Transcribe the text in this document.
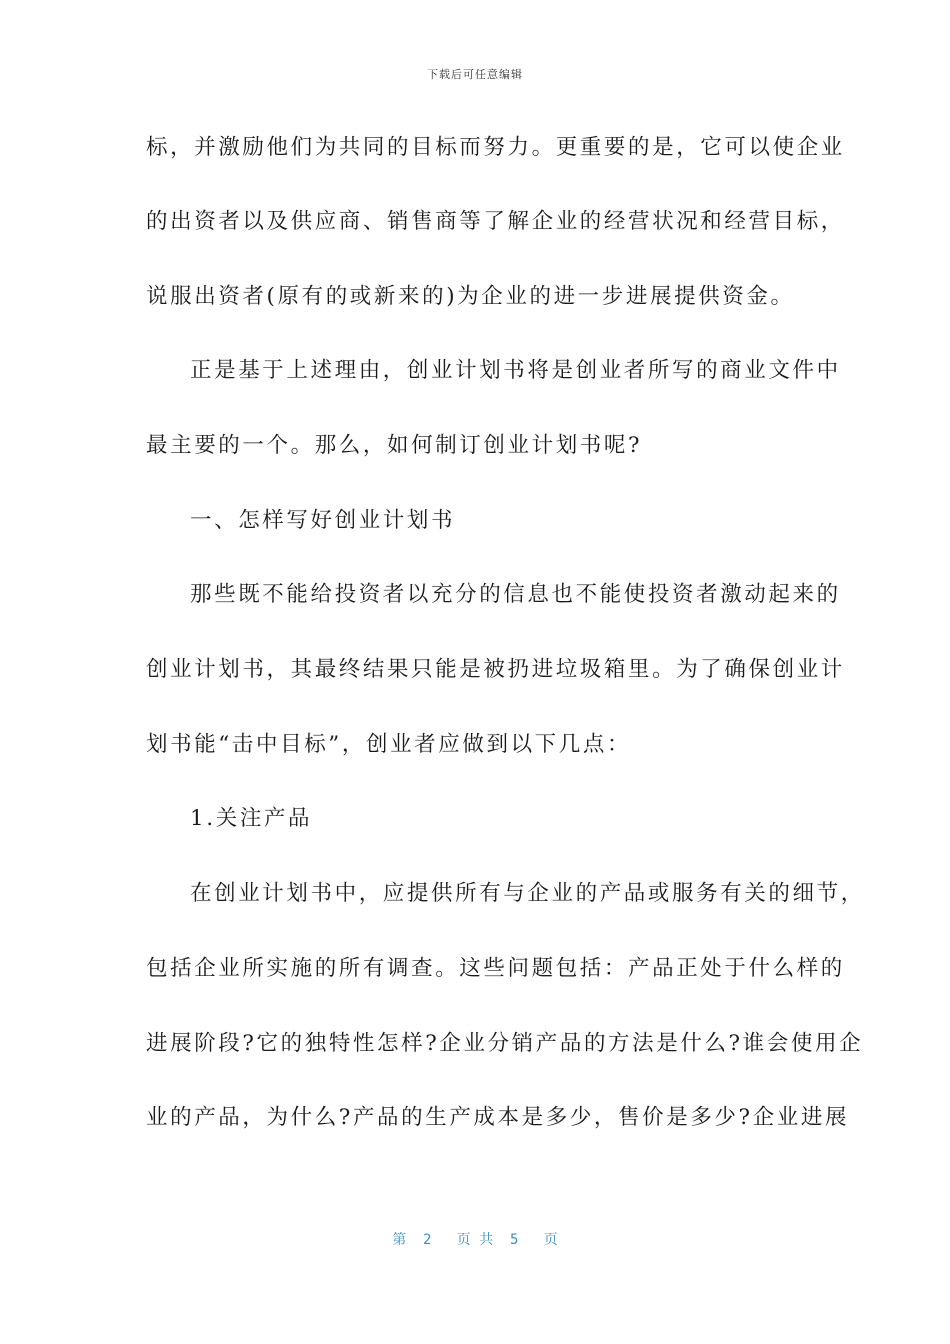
下载后可任意编辑
标，并激励他们为共同的目标而努力。更重要的是，它可以使企业
的出资者以及供应商、销售商等了解企业的经营状况和经营目标，
说服出资者(原有的或新来的)为企业的进一步进展提供资金。
正是基于上述理由，创业计划书将是创业者所写的商业文件中
最主要的一个。那么，如何制订创业计划书呢?
一、怎样写好创业计划书
那些既不能给投资者以充分的信息也不能使投资者激动起来的
创业计划书，其最终结果只能是被扔进垃圾箱里。为了确保创业计
划书能“击中目标”，创业者应做到以下几点：
1.关注产品
在创业计划书中，应提供所有与企业的产品或服务有关的细节，
包括企业所实施的所有调查。这些问题包括：产品正处于什么样的
进展阶段?它的独特性怎样?企业分销产品的方法是什么?谁会使用企
业的产品，为什么?产品的生产成本是多少，售价是多少?企业进展
第  2   页 共  5   页
